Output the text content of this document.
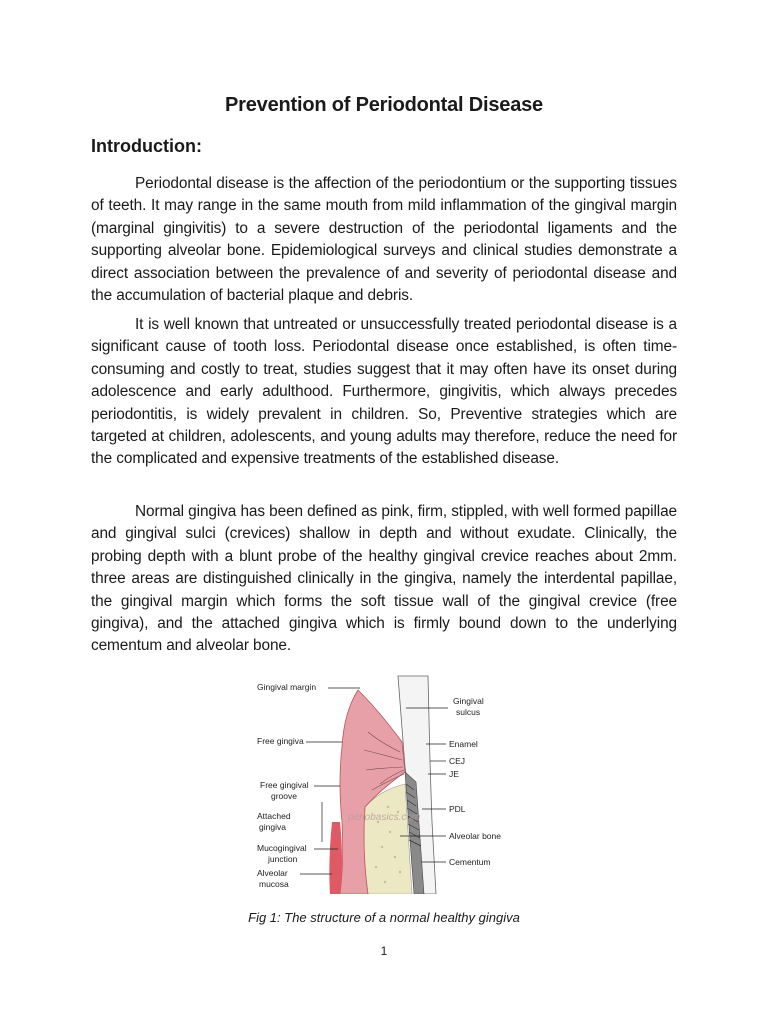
Prevention of Periodontal Disease
Introduction:

Periodontal disease is the affection of the periodontium or the supporting tissues of teeth. It may range in the same mouth from mild inflammation of the gingival margin (marginal gingivitis) to a severe destruction of the periodontal ligaments and the supporting alveolar bone. Epidemiological surveys and clinical studies demonstrate a direct association between the prevalence of and severity of periodontal disease and the accumulation of bacterial plaque and debris.

It is well known that untreated or unsuccessfully treated periodontal disease is a significant cause of tooth loss. Periodontal disease once established, is often time-consuming and costly to treat, studies suggest that it may often have its onset during adolescence and early adulthood. Furthermore, gingivitis, which always precedes periodontitis, is widely prevalent in children. So, Preventive strategies which are targeted at children, adolescents, and young adults may therefore, reduce the need for the complicated and expensive treatments of the established disease.

Normal gingiva has been defined as pink, firm, stippled, with well formed papillae and gingival sulci (crevices) shallow in depth and without exudate. Clinically, the probing depth with a blunt probe of the healthy gingival crevice reaches about 2mm. three areas are distinguished clinically in the gingiva, namely the interdental papillae, the gingival margin which forms the soft tissue wall of the gingival crevice (free gingiva), and the attached gingiva which is firmly bound down to the underlying cementum and alveolar bone.

periobasics.com
Gingival margin
Free gingiva
Free gingival
groove
Attached
gingiva
Mucogingival
junction
Alveolar
mucosa
Gingival
sulcus
Enamel
CEJ
JE
PDL
Alveolar bone
Cementum
Fig 1: The structure of a normal healthy gingiva
1
